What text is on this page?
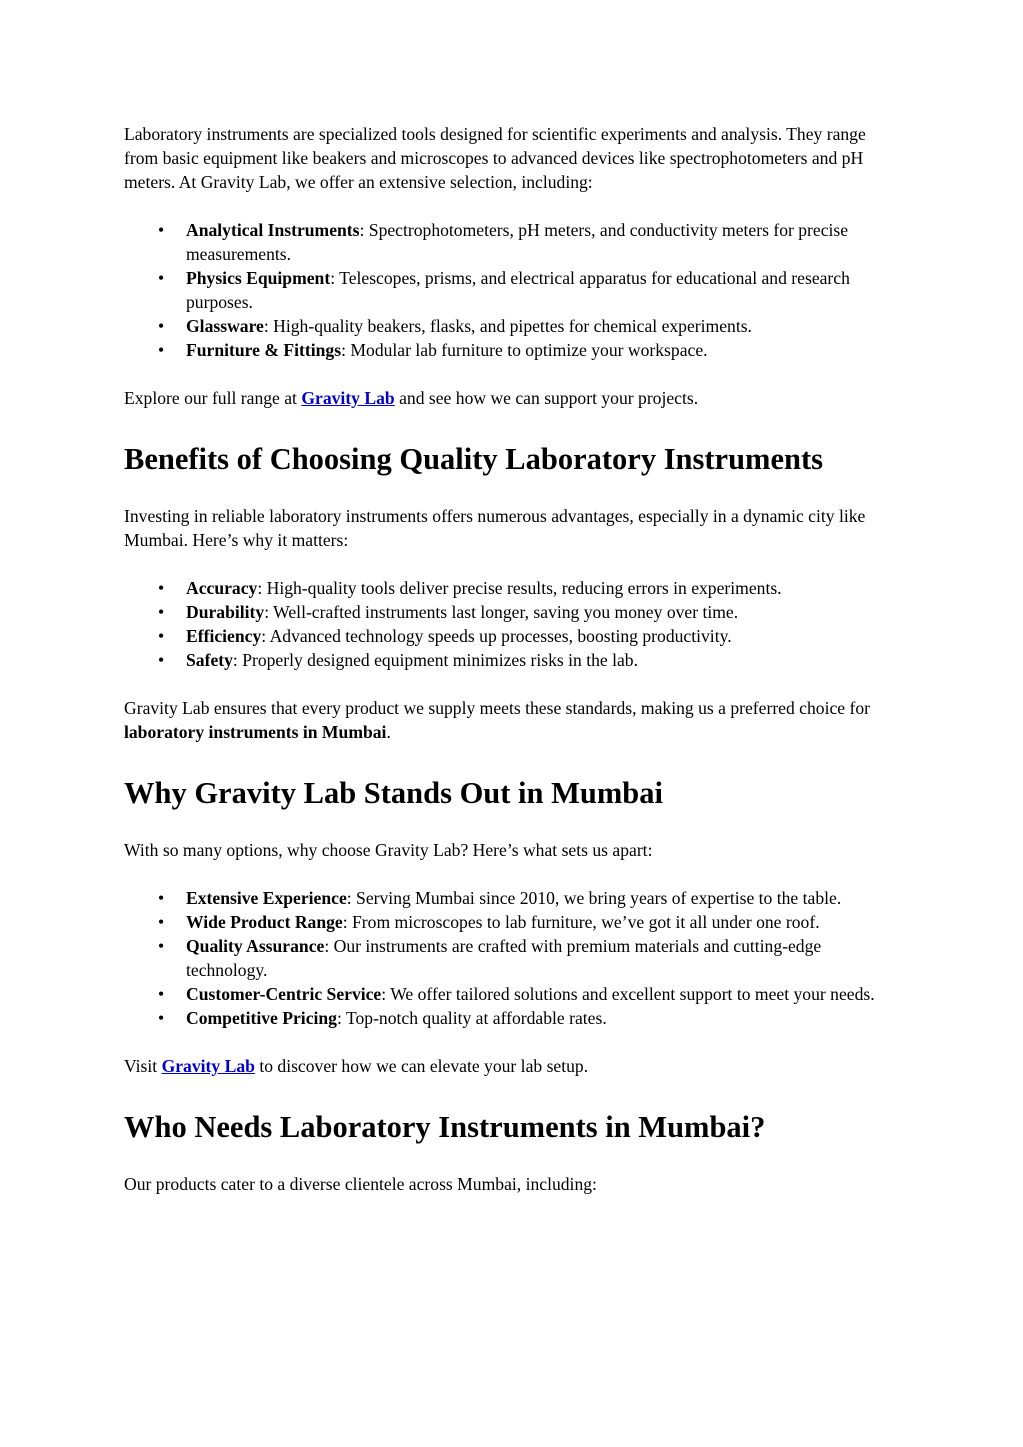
Laboratory instruments are specialized tools designed for scientific experiments and analysis. They range from basic equipment like beakers and microscopes to advanced devices like spectrophotometers and pH meters. At Gravity Lab, we offer an extensive selection, including:

• Analytical Instruments: Spectrophotometers, pH meters, and conductivity meters for precise measurements.
• Physics Equipment: Telescopes, prisms, and electrical apparatus for educational and research purposes.
• Glassware: High-quality beakers, flasks, and pipettes for chemical experiments.
• Furniture & Fittings: Modular lab furniture to optimize your workspace.

Explore our full range at Gravity Lab and see how we can support your projects.

Benefits of Choosing Quality Laboratory Instruments

Investing in reliable laboratory instruments offers numerous advantages, especially in a dynamic city like Mumbai. Here’s why it matters:

• Accuracy: High-quality tools deliver precise results, reducing errors in experiments.
• Durability: Well-crafted instruments last longer, saving you money over time.
• Efficiency: Advanced technology speeds up processes, boosting productivity.
• Safety: Properly designed equipment minimizes risks in the lab.

Gravity Lab ensures that every product we supply meets these standards, making us a preferred choice for laboratory instruments in Mumbai.

Why Gravity Lab Stands Out in Mumbai

With so many options, why choose Gravity Lab? Here’s what sets us apart:

• Extensive Experience: Serving Mumbai since 2010, we bring years of expertise to the table.
• Wide Product Range: From microscopes to lab furniture, we’ve got it all under one roof.
• Quality Assurance: Our instruments are crafted with premium materials and cutting-edge technology.
• Customer-Centric Service: We offer tailored solutions and excellent support to meet your needs.
• Competitive Pricing: Top-notch quality at affordable rates.

Visit Gravity Lab to discover how we can elevate your lab setup.

Who Needs Laboratory Instruments in Mumbai?

Our products cater to a diverse clientele across Mumbai, including:
